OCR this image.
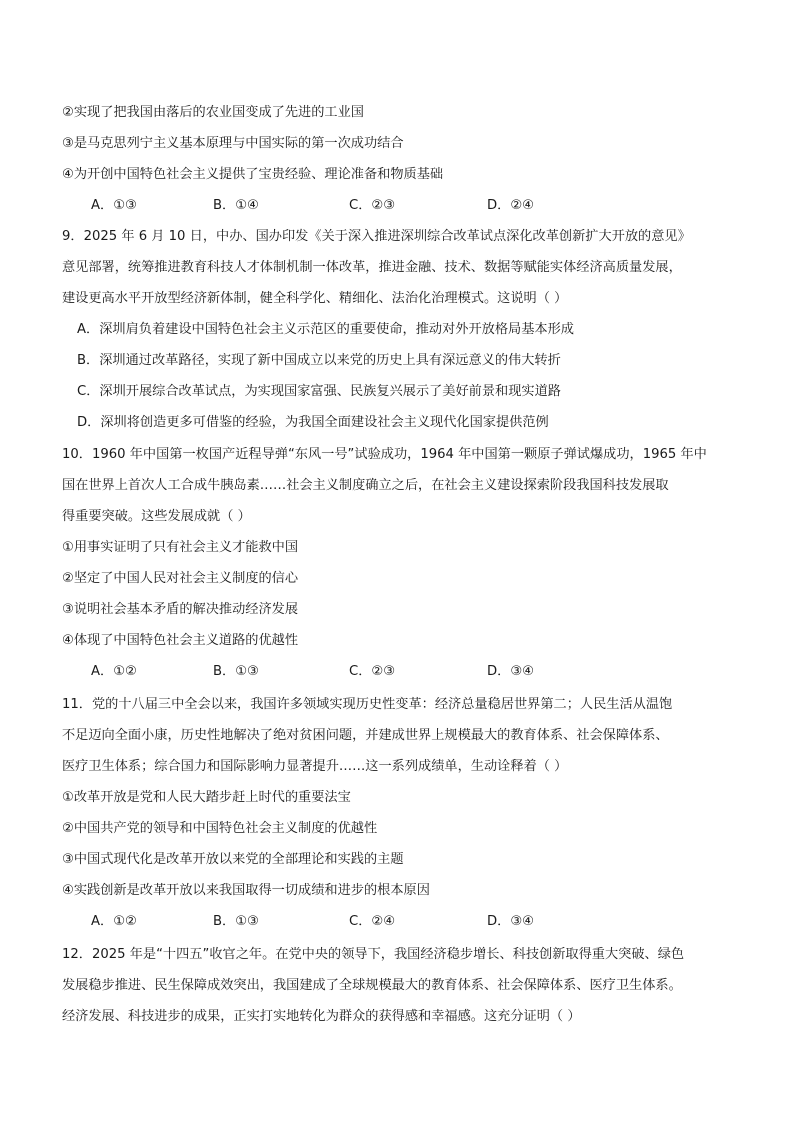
②实现了把我国由落后的农业国变成了先进的工业国
③是马克思列宁主义基本原理与中国实际的第一次成功结合
④为开创中国特色社会主义提供了宝贵经验、理论准备和物质基础
A．①③	B．①④	C．②③	D．②④
9．2025 年 6 月 10 日，中办、国办印发《关于深入推进深圳综合改革试点深化改革创新扩大开放的意见》
意见部署，统筹推进教育科技人才体制机制一体改革，推进金融、技术、数据等赋能实体经济高质量发展，
建设更高水平开放型经济新体制，健全科学化、精细化、法治化治理模式。这说明（ ）
A．深圳肩负着建设中国特色社会主义示范区的重要使命，推动对外开放格局基本形成
B．深圳通过改革路径，实现了新中国成立以来党的历史上具有深远意义的伟大转折
C．深圳开展综合改革试点，为实现国家富强、民族复兴展示了美好前景和现实道路
D．深圳将创造更多可借鉴的经验，为我国全面建设社会主义现代化国家提供范例
10．1960 年中国第一枚国产近程导弹“东风一号”试验成功，1964 年中国第一颗原子弹试爆成功，1965 年中
国在世界上首次人工合成牛胰岛素……社会主义制度确立之后，在社会主义建设探索阶段我国科技发展取
得重要突破。这些发展成就（ ）
①用事实证明了只有社会主义才能救中国
②坚定了中国人民对社会主义制度的信心
③说明社会基本矛盾的解决推动经济发展
④体现了中国特色社会主义道路的优越性
A．①②	B．①③	C．②③	D．③④
11．党的十八届三中全会以来，我国许多领域实现历史性变革：经济总量稳居世界第二；人民生活从温饱
不足迈向全面小康，历史性地解决了绝对贫困问题，并建成世界上规模最大的教育体系、社会保障体系、
医疗卫生体系；综合国力和国际影响力显著提升……这一系列成绩单，生动诠释着（ ）
①改革开放是党和人民大踏步赶上时代的重要法宝
②中国共产党的领导和中国特色社会主义制度的优越性
③中国式现代化是改革开放以来党的全部理论和实践的主题
④实践创新是改革开放以来我国取得一切成绩和进步的根本原因
A．①②	B．①③	C．②④	D．③④
12．2025 年是“十四五”收官之年。在党中央的领导下，我国经济稳步增长、科技创新取得重大突破、绿色
发展稳步推进、民生保障成效突出，我国建成了全球规模最大的教育体系、社会保障体系、医疗卫生体系。
经济发展、科技进步的成果，正实打实地转化为群众的获得感和幸福感。这充分证明（ ）
